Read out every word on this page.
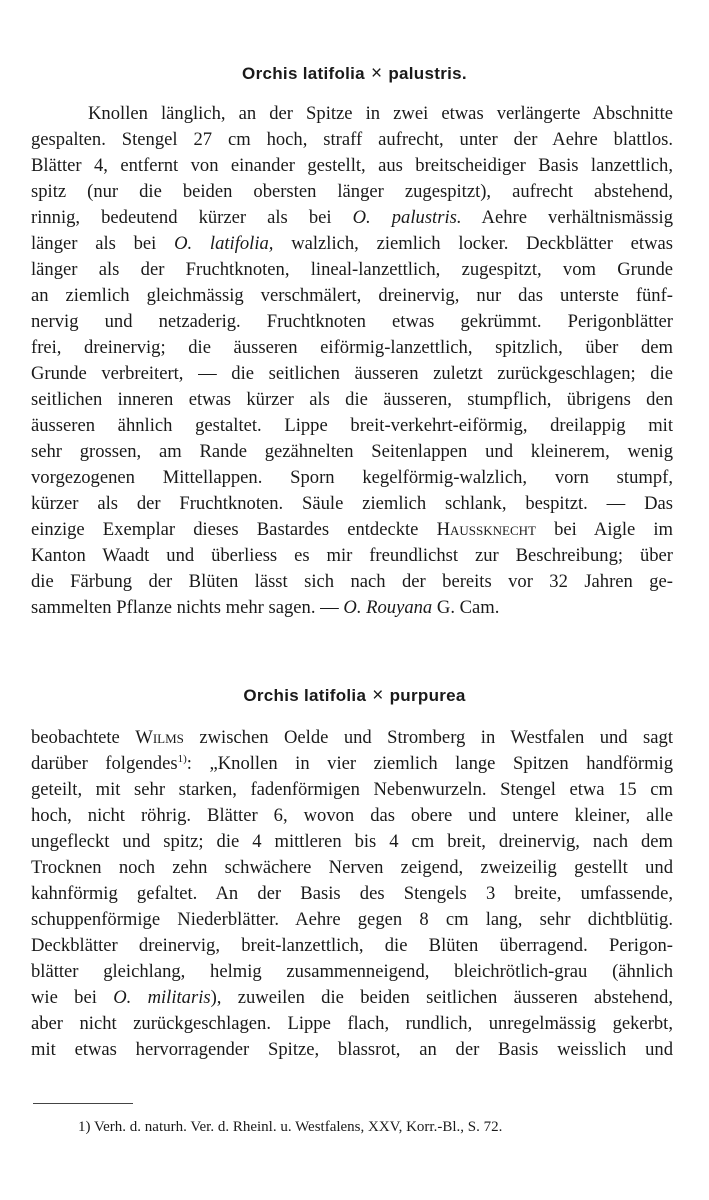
Orchis latifolia × palustris.
Knollen länglich, an der Spitze in zwei etwas verlängerte Abschnitte
gespalten. Stengel 27 cm hoch, straff aufrecht, unter der Aehre blattlos.
Blätter 4, entfernt von einander gestellt, aus breitscheidiger Basis lanzettlich,
spitz (nur die beiden obersten länger zugespitzt), aufrecht abstehend,
rinnig, bedeutend kürzer als bei O. palustris. Aehre verhältnismässig
länger als bei O. latifolia, walzlich, ziemlich locker. Deckblätter etwas
länger als der Fruchtknoten, lineal-lanzettlich, zugespitzt, vom Grunde
an ziemlich gleichmässig verschmälert, dreinervig, nur das unterste fünf-
nervig und netzaderig. Fruchtknoten etwas gekrümmt. Perigonblätter
frei, dreinervig; die äusseren eiförmig-lanzettlich, spitzlich, über dem
Grunde verbreitert, — die seitlichen äusseren zuletzt zurückgeschlagen; die
seitlichen inneren etwas kürzer als die äusseren, stumpflich, übrigens den
äusseren ähnlich gestaltet. Lippe breit-verkehrt-eiförmig, dreilappig mit
sehr grossen, am Rande gezähnelten Seitenlappen und kleinerem, wenig
vorgezogenen Mittellappen. Sporn kegelförmig-walzlich, vorn stumpf,
kürzer als der Fruchtknoten. Säule ziemlich schlank, bespitzt. — Das
einzige Exemplar dieses Bastardes entdeckte Haussknecht bei Aigle im
Kanton Waadt und überliess es mir freundlichst zur Beschreibung; über
die Färbung der Blüten lässt sich nach der bereits vor 32 Jahren ge-
sammelten Pflanze nichts mehr sagen. — O. Rouyana G. Cam.
Orchis latifolia × purpurea
beobachtete Wilms zwischen Oelde und Stromberg in Westfalen und sagt
darüber folgendes$^{1)}$: „Knollen in vier ziemlich lange Spitzen handförmig
geteilt, mit sehr starken, fadenförmigen Nebenwurzeln. Stengel etwa 15 cm
hoch, nicht röhrig. Blätter 6, wovon das obere und untere kleiner, alle
ungefleckt und spitz; die 4 mittleren bis 4 cm breit, dreinervig, nach dem
Trocknen noch zehn schwächere Nerven zeigend, zweizeilig gestellt und
kahnförmig gefaltet. An der Basis des Stengels 3 breite, umfassende,
schuppenförmige Niederblätter. Aehre gegen 8 cm lang, sehr dichtblütig.
Deckblätter dreinervig, breit-lanzettlich, die Blüten überragend. Perigon-
blätter gleichlang, helmig zusammenneigend, bleichrötlich-grau (ähnlich
wie bei O. militaris), zuweilen die beiden seitlichen äusseren abstehend,
aber nicht zurückgeschlagen. Lippe flach, rundlich, unregelmässig gekerbt,
mit etwas hervorragender Spitze, blassrot, an der Basis weisslich und
1) Verh. d. naturh. Ver. d. Rheinl. u. Westfalens, XXV, Korr.-Bl., S. 72.
